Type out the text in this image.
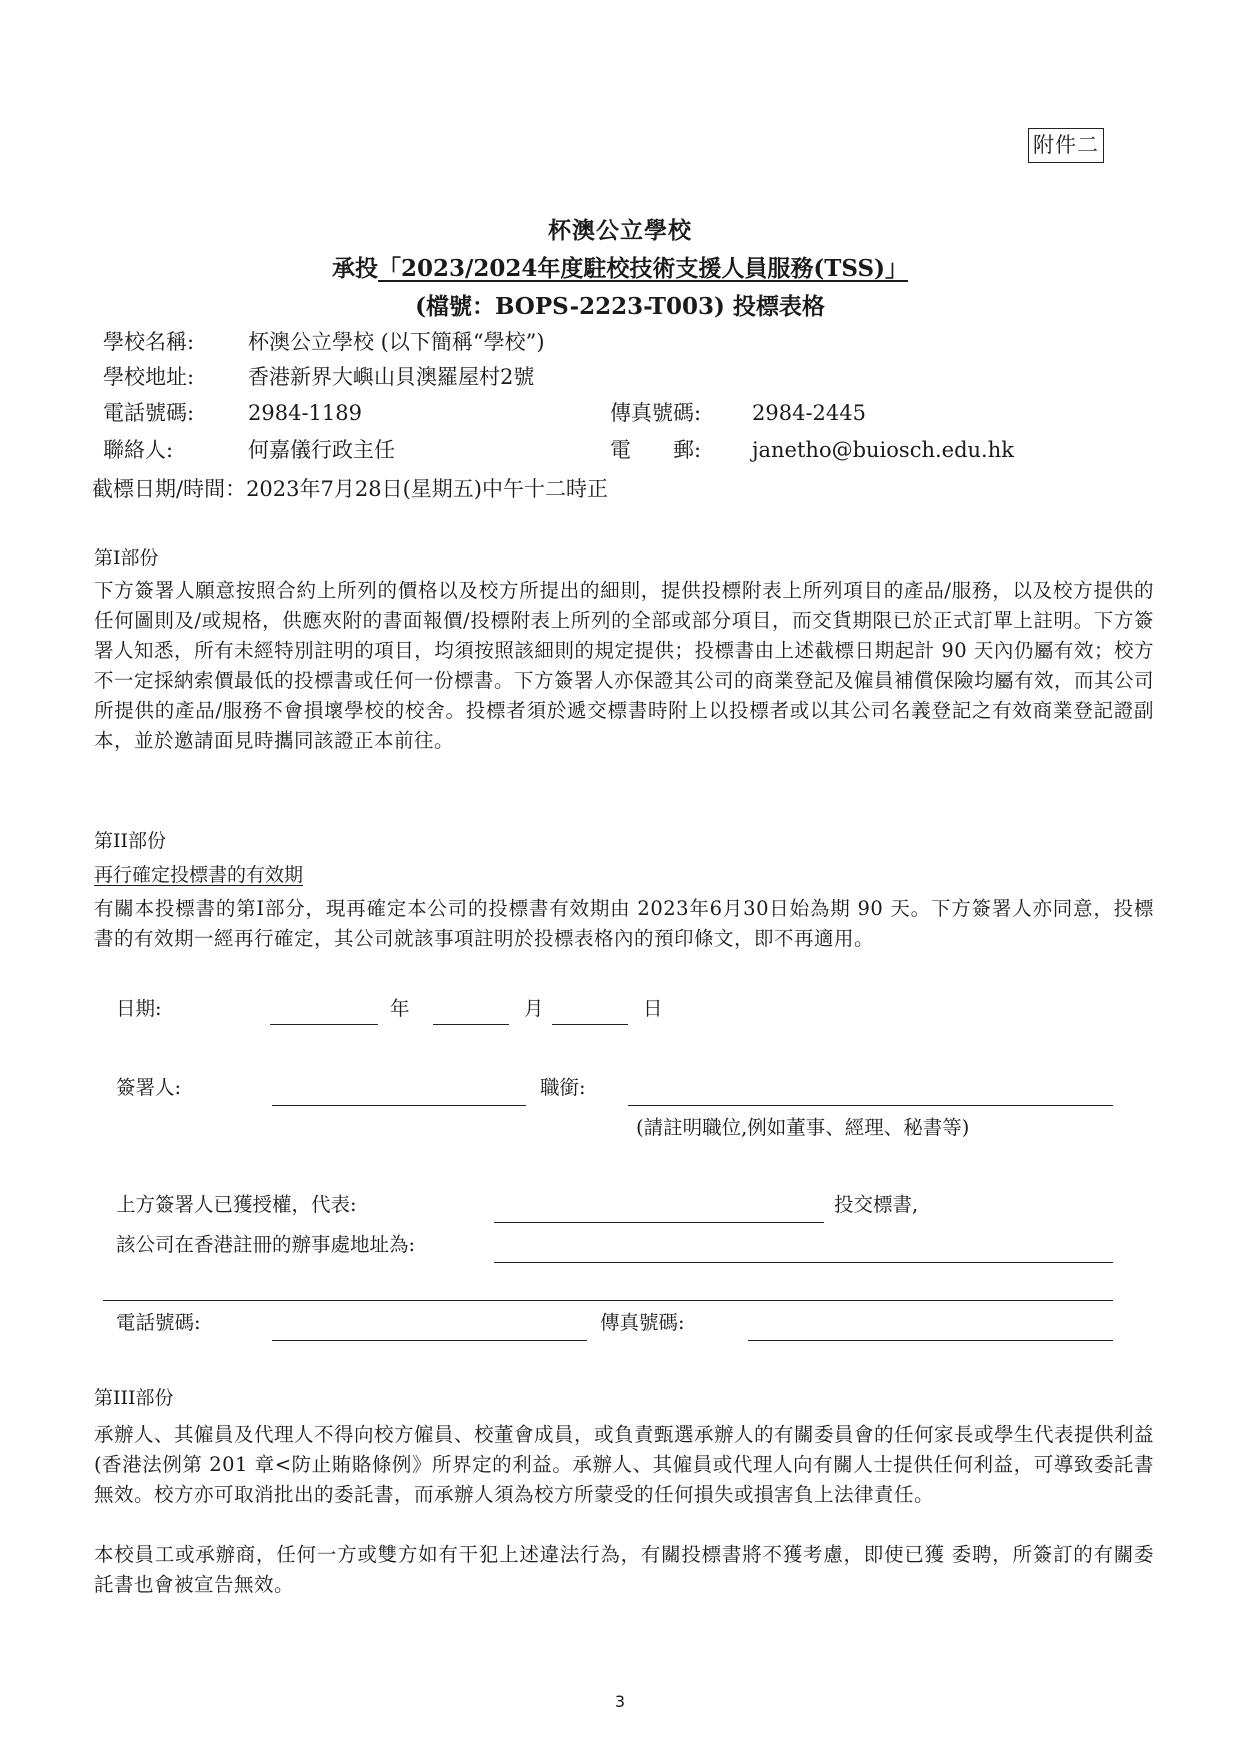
附件二
杯澳公立學校
承投「2023/2024年度駐校技術支援人員服務(TSS)」
(檔號：BOPS-2223-T003) 投標表格
學校名稱:	杯澳公立學校 (以下簡稱“學校”)
學校地址:	香港新界大嶼山貝澳羅屋村2號
電話號碼:	2984-1189	傳真號碼: 2984-2445
聯絡人:	何嘉儀行政主任	電　　郵: janetho@buiosch.edu.hk
截標日期/時間：2023年7月28日(星期五)中午十二時正
第I部份
下方簽署人願意按照合約上所列的價格以及校方所提出的細則，提供投標附表上所列項目的產品/服務，以及校方提供的任何圖則及/或規格，供應夾附的書面報價/投標附表上所列的全部或部分項目，而交貨期限已於正式訂單上註明。下方簽署人知悉，所有未經特別註明的項目，均須按照該細則的規定提供；投標書由上述截標日期起計 90 天內仍屬有效；校方不一定採納索價最低的投標書或任何一份標書。下方簽署人亦保證其公司的商業登記及僱員補償保險均屬有效，而其公司所提供的產品/服務不會損壞學校的校舍。投標者須於遞交標書時附上以投標者或以其公司名義登記之有效商業登記證副本，並於邀請面見時攜同該證正本前往。
第II部份
再行確定投標書的有效期
有關本投標書的第I部分，現再確定本公司的投標書有效期由 2023年6月30日始為期 90 天。下方簽署人亦同意，投標書的有效期一經再行確定，其公司就該事項註明於投標表格內的預印條文，即不再適用。
日期:	年	月	日
簽署人:	職銜:
(請註明職位,例如董事、經理、秘書等)
上方簽署人已獲授權，代表:	投交標書,
該公司在香港註冊的辦事處地址為:
電話號碼:	傳真號碼:
第III部份
承辦人、其僱員及代理人不得向校方僱員、校董會成員，或負責甄選承辦人的有關委員會的任何家長或學生代表提供利益(香港法例第 201 章<防止賄賂條例》所界定的利益。承辦人、其僱員或代理人向有關人士提供任何利益，可導致委託書無效。校方亦可取消批出的委託書，而承辦人須為校方所蒙受的任何損失或損害負上法律責任。
本校員工或承辦商，任何一方或雙方如有干犯上述違法行為，有關投標書將不獲考慮，即使已獲 委聘，所簽訂的有關委託書也會被宣告無效。
3
